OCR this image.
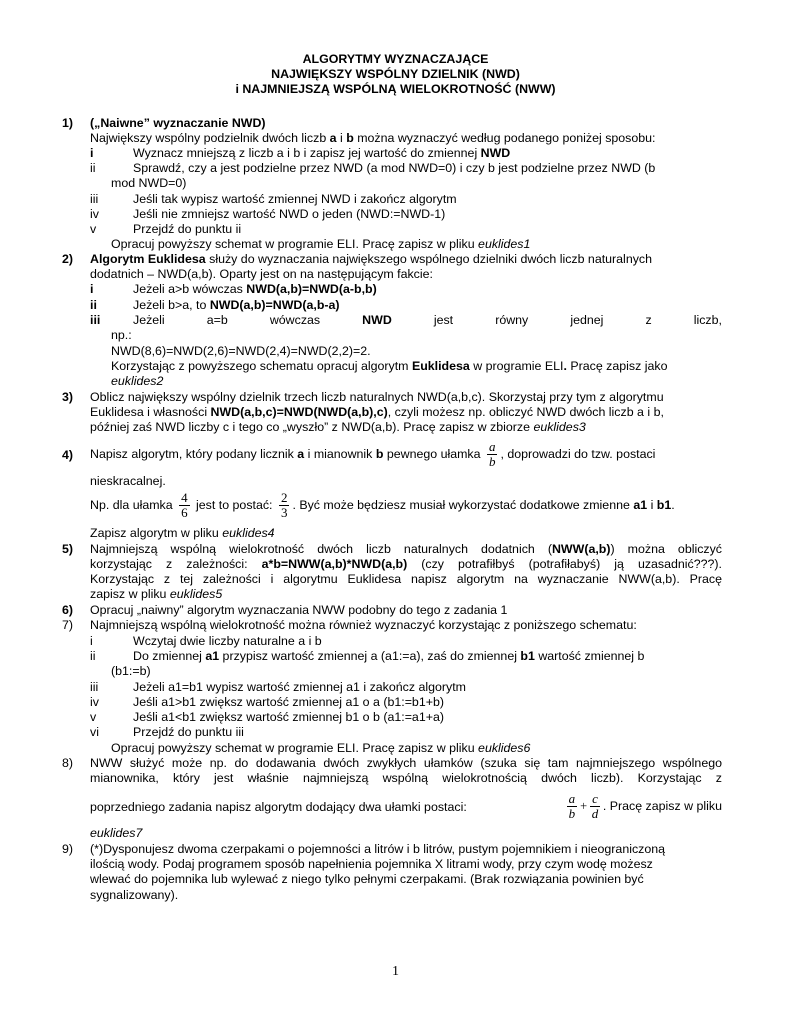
ALGORYTMY WYZNACZAJĄCE
NAJWIĘKSZY WSPÓLNY DZIELNIK (NWD)
i NAJMNIEJSZĄ WSPÓLNĄ WIELOKROTNOŚĆ (NWW)
1) („Naiwne” wyznaczanie NWD)
Największy wspólny podzielnik dwóch liczb a i b można wyznaczyć według podanego poniżej sposobu:
i	Wyznacz mniejszą z liczb a i b i zapisz jej wartość do zmiennej NWD
ii	Sprawdź, czy a jest podzielne przez NWD (a mod NWD=0) i czy b jest podzielne przez NWD (b
mod NWD=0)
iii	Jeśli tak wypisz wartość zmiennej NWD i zakończ algorytm
iv	Jeśli nie zmniejsz wartość NWD o jeden (NWD:=NWD-1)
v	Przejdź do punktu ii
Opracuj powyższy schemat w programie ELI. Pracę zapisz w pliku euklides1
2) Algorytm Euklidesa służy do wyznaczania największego wspólnego dzielniki dwóch liczb naturalnych
dodatnich – NWD(a,b). Oparty jest on na następującym fakcie:
i	Jeżeli a>b wówczas NWD(a,b)=NWD(a-b,b)
ii	Jeżeli b>a, to NWD(a,b)=NWD(a,b-a)
iii	Jeżeli	a=b	wówczas	NWD	jest	równy	jednej	z	liczb,
np.:
NWD(8,6)=NWD(2,6)=NWD(2,4)=NWD(2,2)=2.
Korzystając z powyższego schematu opracuj algorytm Euklidesa w programie ELI. Pracę zapisz jako
euklides2
3) Oblicz największy wspólny dzielnik trzech liczb naturalnych NWD(a,b,c). Skorzystaj przy tym z algorytmu
Euklidesa i własności NWD(a,b,c)=NWD(NWD(a,b),c), czyli możesz np. obliczyć NWD dwóch liczb a i b,
później zaś NWD liczby c i tego co „wyszło” z NWD(a,b). Pracę zapisz w zbiorze euklides3
4) Napisz algorytm, który podany licznik a i mianownik b pewnego ułamka $\frac{a}{b}$ , doprowadzi do tzw. postaci
nieskracalnej.
Np. dla ułamka $\frac{4}{6}$ jest to postać: $\frac{2}{3}$ . Być może będziesz musiał wykorzystać dodatkowe zmienne a1 i b1.
Zapisz algorytm w pliku euklides4
5) Najmniejszą wspólną wielokrotność dwóch liczb naturalnych dodatnich (NWW(a,b)) można obliczyć
korzystając z zależności: a*b=NWW(a,b)*NWD(a,b) (czy potrafiłbyś (potrafiłabyś) ją uzasadnić???).
Korzystając z tej zależności i algorytmu Euklidesa napisz algorytm na wyznaczanie NWW(a,b). Pracę
zapisz w pliku euklides5
6) Opracuj „naiwny” algorytm wyznaczania NWW podobny do tego z zadania 1
7) Najmniejszą wspólną wielokrotność można również wyznaczyć korzystając z poniższego schematu:
i	Wczytaj dwie liczby naturalne a i b
ii	Do zmiennej a1 przypisz wartość zmiennej a (a1:=a), zaś do zmiennej b1 wartość zmiennej b
(b1:=b)
iii	Jeżeli a1=b1 wypisz wartość zmiennej a1 i zakończ algorytm
iv	Jeśli a1>b1 zwiększ wartość zmiennej a1 o a (b1:=b1+b)
v	Jeśli a1<b1 zwiększ wartość zmiennej b1 o b (a1:=a1+a)
vi	Przejdź do punktu iii
Opracuj powyższy schemat w programie ELI. Pracę zapisz w pliku euklides6
8) NWW służyć może np. do dodawania dwóch zwykłych ułamków (szuka się tam najmniejszego wspólnego
mianownika, który jest właśnie najmniejszą wspólną wielokrotnością dwóch liczb). Korzystając z
poprzedniego zadania napisz algorytm dodający dwa ułamki postaci:	$\frac{a}{b} + \frac{c}{d}$ . Pracę zapisz w pliku
euklides7
9) (*)Dysponujesz dwoma czerpakami o pojemności a litrów i b litrów, pustym pojemnikiem i nieograniczoną
ilością wody. Podaj programem sposób napełnienia pojemnika X litrami wody, przy czym wodę możesz
wlewać do pojemnika lub wylewać z niego tylko pełnymi czerpakami. (Brak rozwiązania powinien być
sygnalizowany).
1
